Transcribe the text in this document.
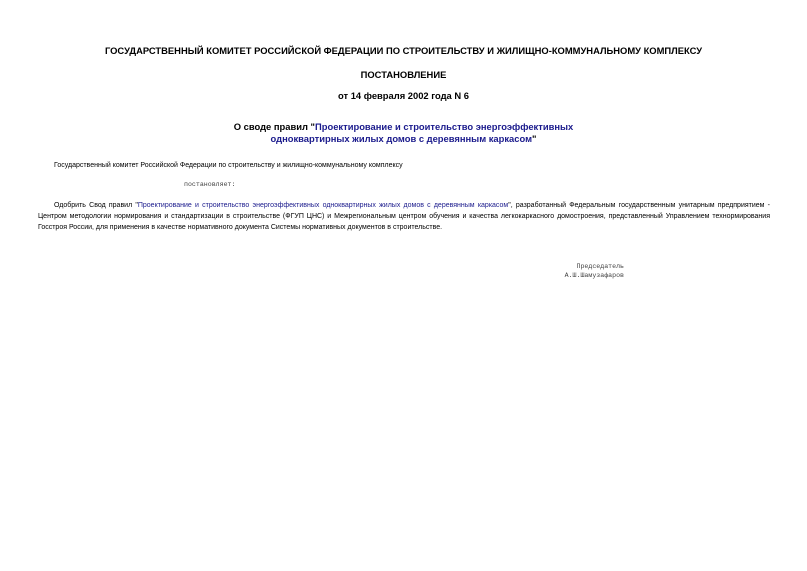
ГОСУДАРСТВЕННЫЙ КОМИТЕТ РОССИЙСКОЙ ФЕДЕРАЦИИ ПО СТРОИТЕЛЬСТВУ И ЖИЛИЩНО-КОММУНАЛЬНОМУ КОМПЛЕКСУ
ПОСТАНОВЛЕНИЕ
от 14 февраля 2002 года N 6
О своде правил "Проектирование и строительство энергоэффективных
одноквартирных жилых домов с деревянным каркасом"
Государственный комитет Российской Федерации по строительству и жилищно-коммунальному комплексу
постановляет:
Одобрить Свод правил "Проектирование и строительство энергоэффективных одноквартирных жилых домов с деревянным каркасом", разработанный Федеральным государственным унитарным предприятием - Центром методологии нормирования и стандартизации в строительстве (ФГУП ЦНС) и Межрегиональным центром обучения и качества легкокаркасного домостроения, представленный Управлением технормирования Госстроя России, для применения в качестве нормативного документа Системы нормативных документов в строительстве.
Председатель
А.Ш.Шамузафаров
